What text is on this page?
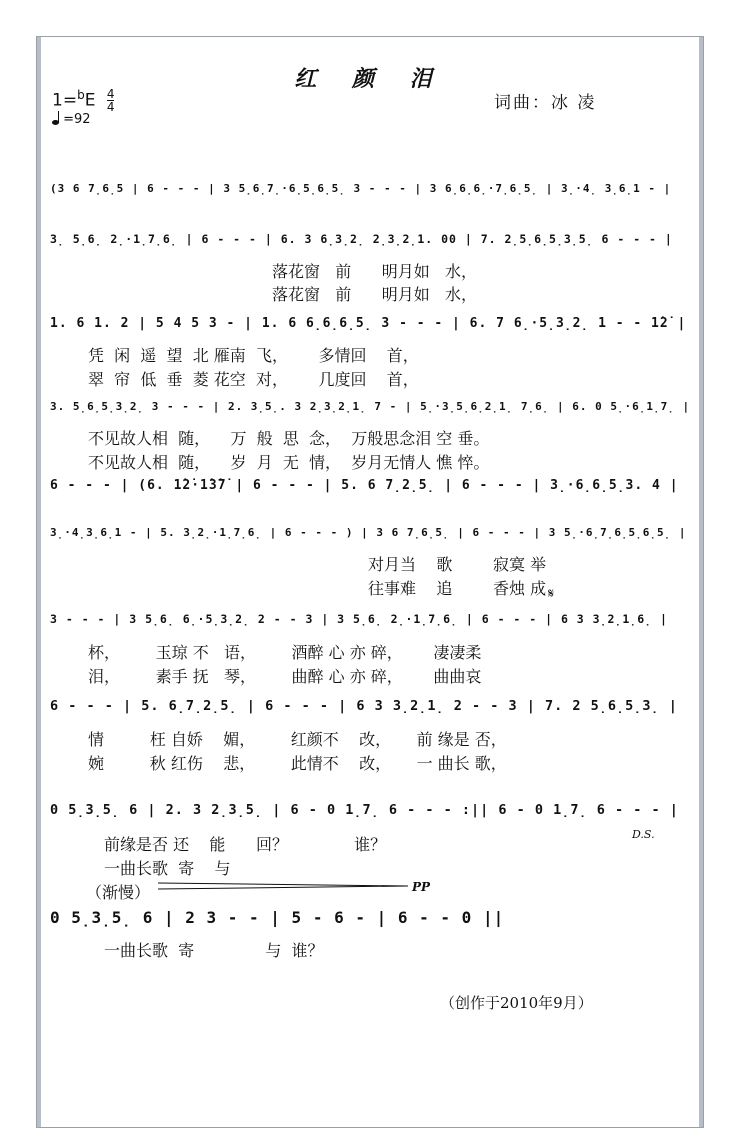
红 颜 泪
词曲：冰 凌
$1=^bE \frac{4}{4}$
=92
(3 6 7̣6̣5 | 6 - - - | 3 5̣6̣7̣·6̣5̣6̣5̣ 3 - - - | 3 6̣6̣6̣·7̣6̣5̣ | 3̣·4̣ 3̣6̣1 - |
3̣ 5̣6̣ 2̣·1̣7̣6̣ | 6 - - - | 6. 3 6̣3̣2̣ 2̣3̣2̣1. 00 | 7. 2̣5̣6̣5̣3̣5̣ 6 - - - |
落花窗   前      明月如   水，
落花窗   前      明月如   水，
1. 6 1. 2 | 5 4 5 3 - | 1. 6 6̣6̣6̣5̣ 3 - - - | 6. 7 6̣·5̣3̣2̣ 1 - - 1̇2̇ |
凭  闲  遥  望  北 雁南  飞，      多情回    首，
翠  帘  低  垂  菱 花空  对，      几度回    首，
3. 5̣6̣5̣3̣2̣ 3 - - - | 2. 3̣5̣. 3 2̣3̣2̣1̣ 7 - | 5̣·3̣5̣6̣2̣1̣ 7̣6̣ | 6. 0 5̣·6̣1̣7̣ |
不见故人相  随，    万  般  思  念，  万般思念泪 空 垂。
不见故人相  随，    岁  月  无  情，  岁月无情人 憔 悴。
6 - - - | (6. 1̇2̇·1̇3̇7̇ | 6 - - - | 5. 6 7̣2̣5̣ | 6 - - - | 3̣·6̣6̣5̣3. 4 |
3̣·4̣3̣6̣1 - | 5. 3̣2̣·1̣7̣6̣ | 6 - - - ) | 3 6 7̣6̣5̣ | 6 - - - | 3 5̣·6̣7̣6̣5̣6̣5̣ |
对月当    歌        寂寞 举
往事难    追        香烛 成 𝄋
3 - - - | 3 5̣6̣ 6̣·5̣3̣2̣ 2 - - 3 | 3 5̣6̣ 2̣·1̣7̣6̣ | 6 - - - | 6 3 3̣2̣1̣6̣ |
杯，       玉琼 不   语，       酒醉 心 亦 碎，      凄凄柔
泪，       素手 抚   琴，       曲醉 心 亦 碎，      曲曲哀
6 - - - | 5. 6̣7̣2̣5̣ | 6 - - - | 6 3 3̣2̣1̣ 2 - - 3 | 7. 2 5̣6̣5̣3̣ |
情         枉 自娇    媚，       红颜不    改，     前 缘是 否，
婉         秋 红伤    悲，       此情不    改，     一 曲长 歌，
0 5̣3̣5̣ 6 | 2. 3 2̣3̣5̣ | 6 - 0 1̣7̣ 6 - - - :|| 6 - 0 1̣7̣ 6 - - - |
D.S.
前缘是否 还    能      回？             谁？
一曲长歌  寄    与
（渐慢）	PP
0 5̣3̣5̣ 6 | 2 3 - - | 5 - 6 - | 6 - - 0 ||
一曲长歌  寄              与  谁？
（创作于2010年9月）
